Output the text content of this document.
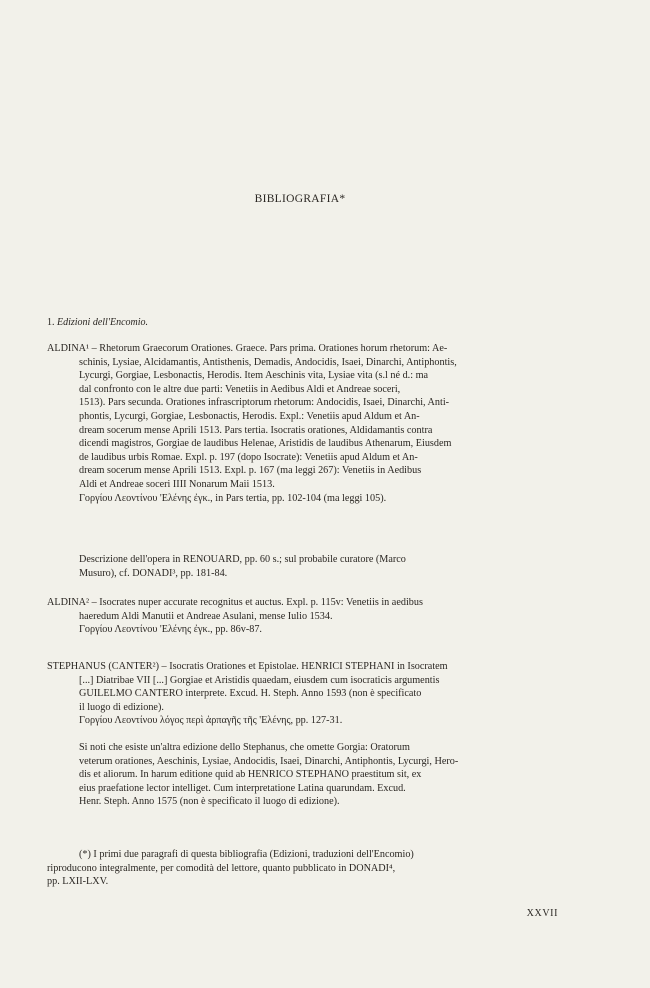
BIBLIOGRAFIA*
1. Edizioni dell'Encomio.
ALDINA¹ – Rhetorum Graecorum Orationes. Graece. Pars prima. Orationes horum rhetorum: Ae-
schinis, Lysiae, Alcidamantis, Antisthenis, Demadis, Andocidis, Isaei, Dinarchi, Antiphontis,
Lycurgi, Gorgiae, Lesbonactis, Herodis. Item Aeschinis vita, Lysiae vita (s.l né d.: ma
dal confronto con le altre due parti: Venetiis in Aedibus Aldi et Andreae soceri,
1513). Pars secunda. Orationes infrascriptorum rhetorum: Andocidis, Isaei, Dinarchi, Anti-
phontis, Lycurgi, Gorgiae, Lesbonactis, Herodis. Expl.: Venetiis apud Aldum et An-
dream socerum mense Aprili 1513. Pars tertia. Isocratis orationes, Aldidamantis contra
dicendi magistros, Gorgiae de laudibus Helenae, Aristidis de laudibus Athenarum, Eiusdem
de laudibus urbis Romae. Expl. p. 197 (dopo Isocrate): Venetiis apud Aldum et An-
dream socerum mense Aprili 1513. Expl. p. 167 (ma leggi 267): Venetiis in Aedibus
Aldi et Andreae soceri IIII Nonarum Maii 1513.
Γοργίου Λεοντίνου 'Ελένης ἐγκ., in Pars tertia, pp. 102-104 (ma leggi 105).
Descrizione dell'opera in RENOUARD, pp. 60 s.; sul probabile curatore (Marco
Musuro), cf. DONADI³, pp. 181-84.
ALDINA² – Isocrates nuper accurate recognitus et auctus. Expl. p. 115v: Venetiis in aedibus
haeredum Aldi Manutii et Andreae Asulani, mense Iulio 1534.
Γοργίου Λεοντίνου 'Ελένης ἐγκ., pp. 86v-87.
STEPHANUS (CANTER²) – Isocratis Orationes et Epistolae. HENRICI STEPHANI in Isocratem
[...] Diatribae VII [...] Gorgiae et Aristidis quaedam, eiusdem cum isocraticis argumentis
GUILELMO CANTERO interprete. Excud. H. Steph. Anno 1593 (non è specificato
il luogo di edizione).
Γοργίου Λεοντίνου λόγος περὶ ἁρπαγῆς τῆς 'Ελένης, pp. 127-31.
Si noti che esiste un'altra edizione dello Stephanus, che omette Gorgia: Oratorum
veterum orationes, Aeschinis, Lysiae, Andocidis, Isaei, Dinarchi, Antiphontis, Lycurgi, Hero-
dis et aliorum. In harum editione quid ab HENRICO STEPHANO praestitum sit, ex
eius praefatione lector intelliget. Cum interpretatione Latina quarundam. Excud.
Henr. Steph. Anno 1575 (non è specificato il luogo di edizione).
(*) I primi due paragrafi di questa bibliografia (Edizioni, traduzioni dell'Encomio)
riproducono integralmente, per comodità del lettore, quanto pubblicato in DONADI⁴,
pp. LXII-LXV.
XXVII
